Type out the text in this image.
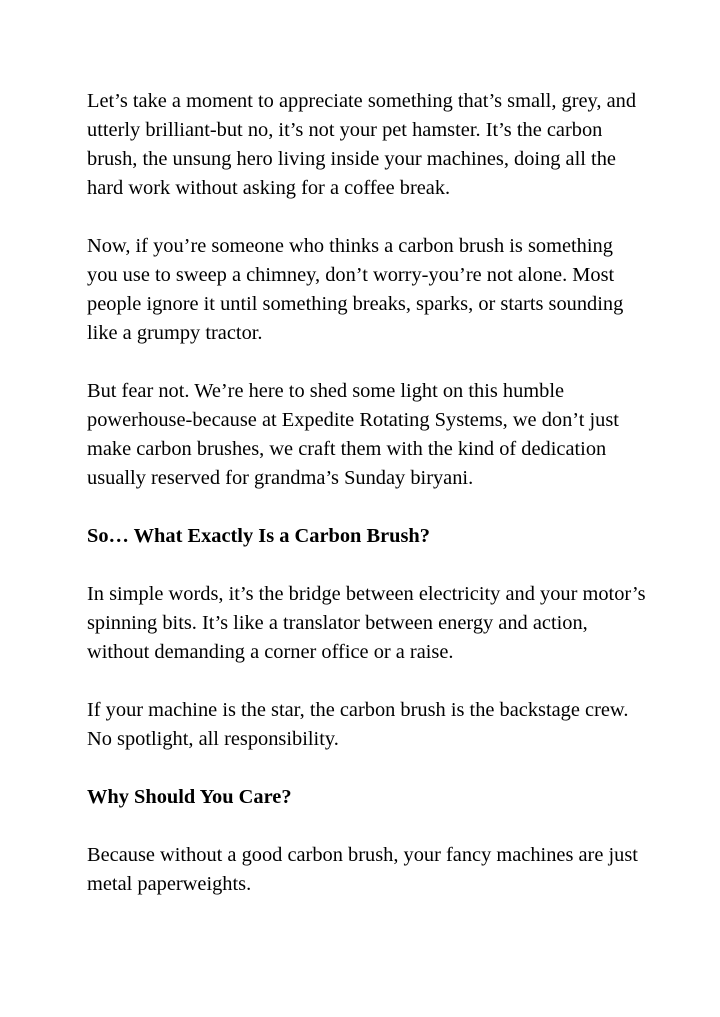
Let’s take a moment to appreciate something that’s small, grey, and utterly brilliant-but no, it’s not your pet hamster. It’s the carbon brush, the unsung hero living inside your machines, doing all the hard work without asking for a coffee break.

Now, if you’re someone who thinks a carbon brush is something you use to sweep a chimney, don’t worry-you’re not alone. Most people ignore it until something breaks, sparks, or starts sounding like a grumpy tractor.

But fear not. We’re here to shed some light on this humble powerhouse-because at Expedite Rotating Systems, we don’t just make carbon brushes, we craft them with the kind of dedication usually reserved for grandma’s Sunday biryani.

So… What Exactly Is a Carbon Brush?

In simple words, it’s the bridge between electricity and your motor’s spinning bits. It’s like a translator between energy and action, without demanding a corner office or a raise.

If your machine is the star, the carbon brush is the backstage crew. No spotlight, all responsibility.

Why Should You Care?

Because without a good carbon brush, your fancy machines are just metal paperweights.
